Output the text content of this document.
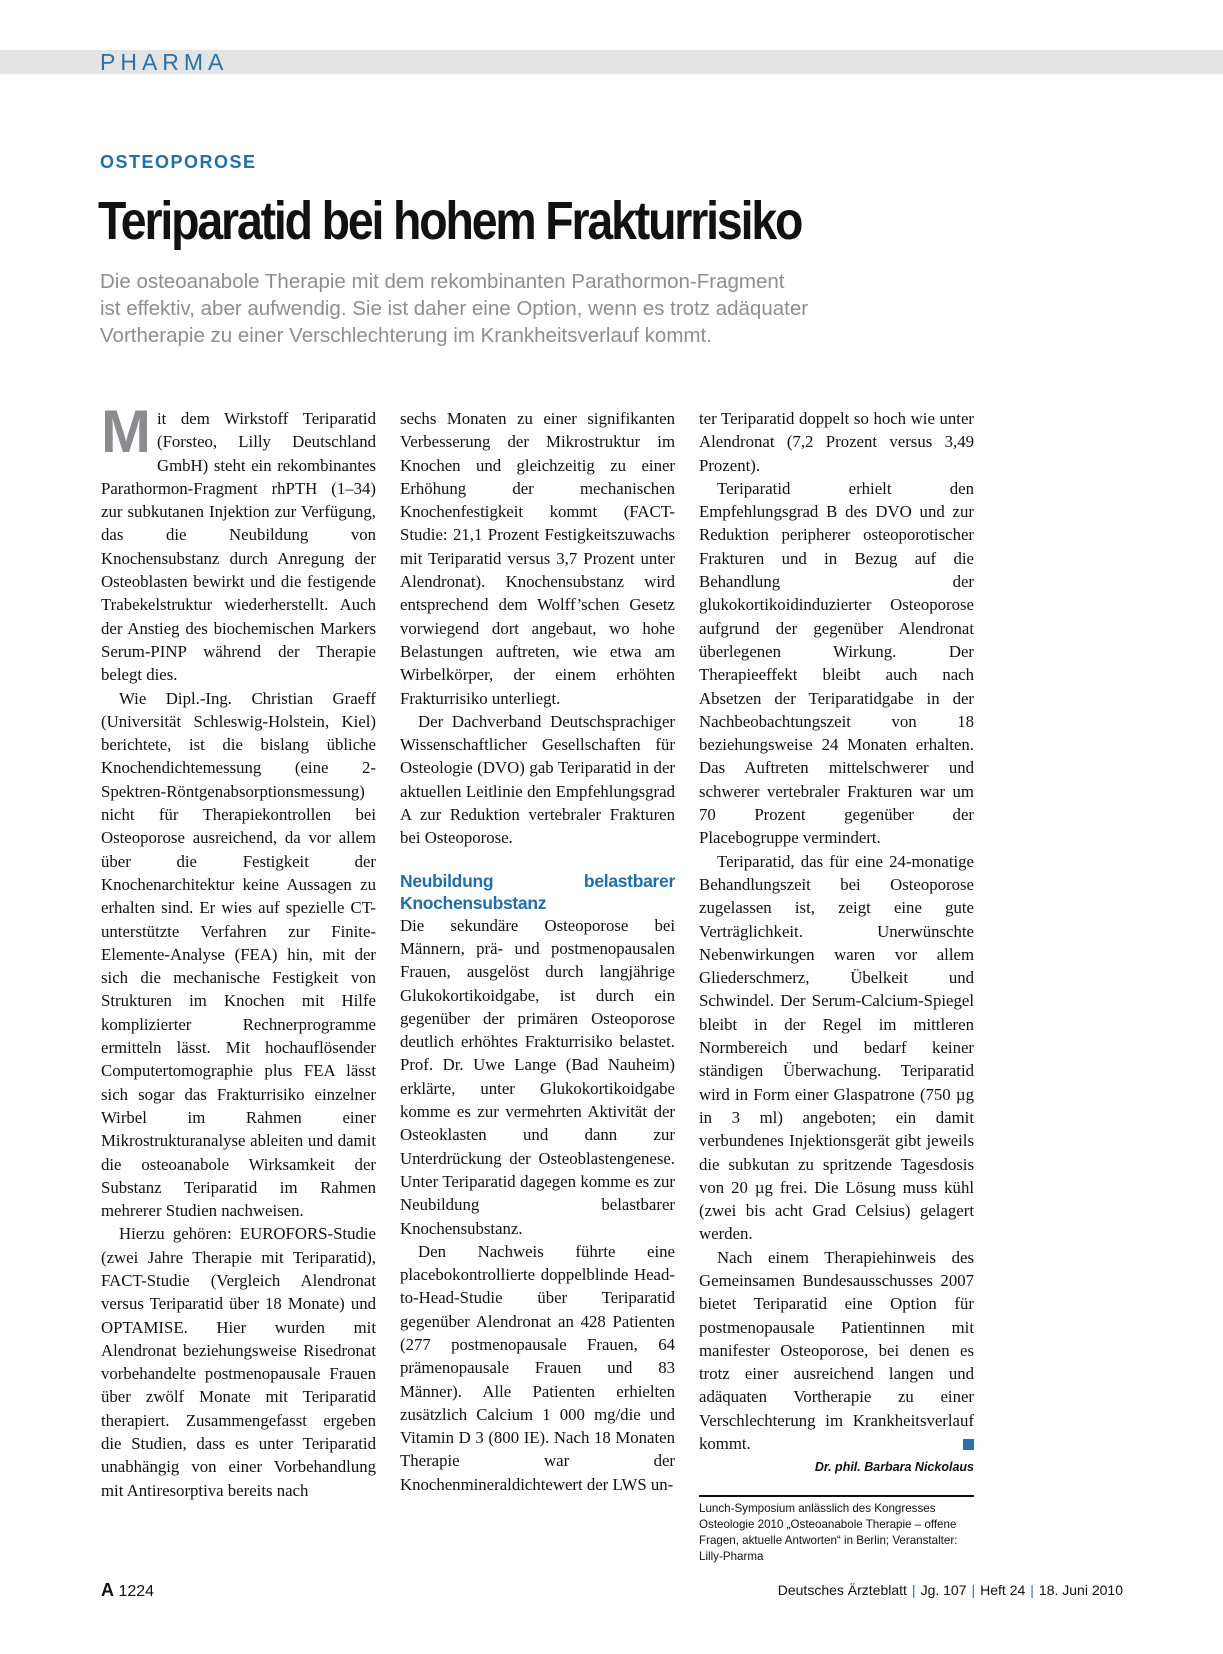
PHARMA
OSTEOPOROSE
Teriparatid bei hohem Frakturrisiko
Die osteoanabole Therapie mit dem rekombinanten Parathormon-Fragment
ist effektiv, aber aufwendig. Sie ist daher eine Option, wenn es trotz adäquater
Vortherapie zu einer Verschlechterung im Krankheitsverlauf kommt.

Mit dem Wirkstoff Teriparatid (Forsteo, Lilly Deutschland GmbH) steht ein rekombinantes Parathormon-Fragment rhPTH (1–34) zur subkutanen Injektion zur Verfügung, das die Neubildung von Knochensubstanz durch Anregung der Osteoblasten bewirkt und die festigende Trabekelstruktur wiederherstellt. Auch der Anstieg des biochemischen Markers Serum-PINP während der Therapie belegt dies.

Wie Dipl.-Ing. Christian Graeff (Universität Schleswig-Holstein, Kiel) berichtete, ist die bislang übliche Knochendichtemessung (eine 2-Spektren-Röntgenabsorptionsmessung) nicht für Therapiekontrollen bei Osteoporose ausreichend, da vor allem über die Festigkeit der Knochenarchitektur keine Aussagen zu erhalten sind. Er wies auf spezielle CT-unterstützte Verfahren zur Finite-Elemente-Analyse (FEA) hin, mit der sich die mechanische Festigkeit von Strukturen im Knochen mit Hilfe komplizierter Rechnerprogramme ermitteln lässt. Mit hochauflösender Computertomographie plus FEA lässt sich sogar das Frakturrisiko einzelner Wirbel im Rahmen einer Mikrostrukturanalyse ableiten und damit die osteoanabole Wirksamkeit der Substanz Teriparatid im Rahmen mehrerer Studien nachweisen.

Hierzu gehören: EUROFORS-Studie (zwei Jahre Therapie mit Teriparatid), FACT-Studie (Vergleich Alendronat versus Teriparatid über 18 Monate) und OPTAMISE. Hier wurden mit Alendronat beziehungsweise Risedronat vorbehandelte postmenopausale Frauen über zwölf Monate mit Teriparatid therapiert. Zusammengefasst ergeben die Studien, dass es unter Teriparatid unabhängig von einer Vorbehandlung mit Antiresorptiva bereits nach

sechs Monaten zu einer signifikanten Verbesserung der Mikrostruktur im Knochen und gleichzeitig zu einer Erhöhung der mechanischen Knochenfestigkeit kommt (FACT-Studie: 21,1 Prozent Festigkeitszuwachs mit Teriparatid versus 3,7 Prozent unter Alendronat). Knochensubstanz wird entsprechend dem Wolff’schen Gesetz vorwiegend dort angebaut, wo hohe Belastungen auftreten, wie etwa am Wirbelkörper, der einem erhöhten Frakturrisiko unterliegt.

Der Dachverband Deutschsprachiger Wissenschaftlicher Gesellschaften für Osteologie (DVO) gab Teriparatid in der aktuellen Leitlinie den Empfehlungsgrad A zur Reduktion vertebraler Frakturen bei Osteoporose.

Neubildung belastbarer Knochensubstanz

Die sekundäre Osteoporose bei Männern, prä- und postmenopausalen Frauen, ausgelöst durch langjährige Glukokortikoidgabe, ist durch ein gegenüber der primären Osteoporose deutlich erhöhtes Frakturrisiko belastet. Prof. Dr. Uwe Lange (Bad Nauheim) erklärte, unter Glukokortikoidgabe komme es zur vermehrten Aktivität der Osteoklasten und dann zur Unterdrückung der Osteoblastengenese. Unter Teriparatid dagegen komme es zur Neubildung belastbarer Knochensubstanz.

Den Nachweis führte eine placebokontrollierte doppelblinde Head-to-Head-Studie über Teriparatid gegenüber Alendronat an 428 Patienten (277 postmenopausale Frauen, 64 prämenopausale Frauen und 83 Männer). Alle Patienten erhielten zusätzlich Calcium 1 000 mg/die und Vitamin D 3 (800 IE). Nach 18 Monaten Therapie war der Knochenmineraldichtewert der LWS un-

ter Teriparatid doppelt so hoch wie unter Alendronat (7,2 Prozent versus 3,49 Prozent).

Teriparatid erhielt den Empfehlungsgrad B des DVO und zur Reduktion peripherer osteoporotischer Frakturen und in Bezug auf die Behandlung der glukokortikoidinduzierter Osteoporose aufgrund der gegenüber Alendronat überlegenen Wirkung. Der Therapieeffekt bleibt auch nach Absetzen der Teriparatidgabe in der Nachbeobachtungszeit von 18 beziehungsweise 24 Monaten erhalten. Das Auftreten mittelschwerer und schwerer vertebraler Frakturen war um 70 Prozent gegenüber der Placebogruppe vermindert.

Teriparatid, das für eine 24-monatige Behandlungszeit bei Osteoporose zugelassen ist, zeigt eine gute Verträglichkeit. Unerwünschte Nebenwirkungen waren vor allem Gliederschmerz, Übelkeit und Schwindel. Der Serum-Calcium-Spiegel bleibt in der Regel im mittleren Normbereich und bedarf keiner ständigen Überwachung. Teriparatid wird in Form einer Glaspatrone (750 µg in 3 ml) angeboten; ein damit verbundenes Injektionsgerät gibt jeweils die subkutan zu spritzende Tagesdosis von 20 µg frei. Die Lösung muss kühl (zwei bis acht Grad Celsius) gelagert werden.

Nach einem Therapiehinweis des Gemeinsamen Bundesausschusses 2007 bietet Teriparatid eine Option für postmenopausale Patientinnen mit manifester Osteoporose, bei denen es trotz einer ausreichend langen und adäquaten Vortherapie zu einer Verschlechterung im Krankheitsverlauf kommt.

Dr. phil. Barbara Nickolaus
Lunch-Symposium anlässlich des Kongresses Osteologie 2010 „Osteoanabole Therapie – offene Fragen, aktuelle Antworten“ in Berlin; Veranstalter: Lilly-Pharma
A 1224	Deutsches Ärzteblatt | Jg. 107 | Heft 24 | 18. Juni 2010
